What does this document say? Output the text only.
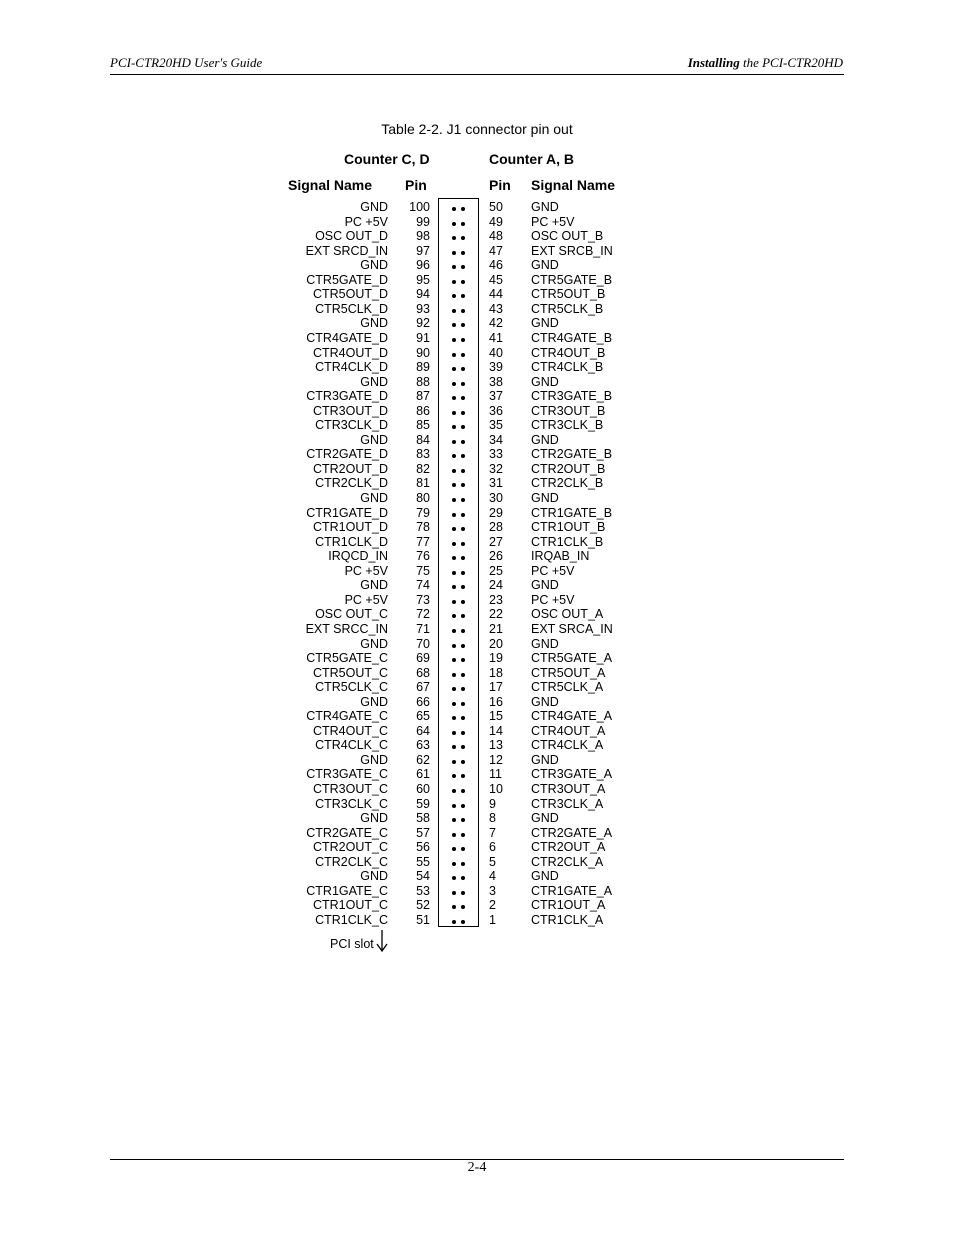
PCI-CTR20HD User's Guide	Installing the PCI-CTR20HD
Table 2-2. J1 connector pin out
Counter C, D	Counter A, B
Signal Name Pin	Pin Signal Name
GND 100	50 GND
PC +5V 99	49 PC +5V
OSC OUT_D 98	48 OSC OUT_B
EXT SRCD_IN 97	47 EXT SRCB_IN
GND 96	46 GND
CTR5GATE_D 95	45 CTR5GATE_B
CTR5OUT_D 94	44 CTR5OUT_B
CTR5CLK_D 93	43 CTR5CLK_B
GND 92	42 GND
CTR4GATE_D 91	41 CTR4GATE_B
CTR4OUT_D 90	40 CTR4OUT_B
CTR4CLK_D 89	39 CTR4CLK_B
GND 88	38 GND
CTR3GATE_D 87	37 CTR3GATE_B
CTR3OUT_D 86	36 CTR3OUT_B
CTR3CLK_D 85	35 CTR3CLK_B
GND 84	34 GND
CTR2GATE_D 83	33 CTR2GATE_B
CTR2OUT_D 82	32 CTR2OUT_B
CTR2CLK_D 81	31 CTR2CLK_B
GND 80	30 GND
CTR1GATE_D 79	29 CTR1GATE_B
CTR1OUT_D 78	28 CTR1OUT_B
CTR1CLK_D 77	27 CTR1CLK_B
IRQCD_IN 76	26 IRQAB_IN
PC +5V 75	25 PC +5V
GND 74	24 GND
PC +5V 73	23 PC +5V
OSC OUT_C 72	22 OSC OUT_A
EXT SRCC_IN 71	21 EXT SRCA_IN
GND 70	20 GND
CTR5GATE_C 69	19 CTR5GATE_A
CTR5OUT_C 68	18 CTR5OUT_A
CTR5CLK_C 67	17 CTR5CLK_A
GND 66	16 GND
CTR4GATE_C 65	15 CTR4GATE_A
CTR4OUT_C 64	14 CTR4OUT_A
CTR4CLK_C 63	13 CTR4CLK_A
GND 62	12 GND
CTR3GATE_C 61	11 CTR3GATE_A
CTR3OUT_C 60	10 CTR3OUT_A
CTR3CLK_C 59	9	CTR3CLK_A
GND 58	8	GND
CTR2GATE_C 57	7	CTR2GATE_A
CTR2OUT_C 56	6	CTR2OUT_A
CTR2CLK_C 55	5	CTR2CLK_A
GND 54	4	GND
CTR1GATE_C 53	3	CTR1GATE_A
CTR1OUT_C 52	2	CTR1OUT_A
CTR1CLK_C 51	1	CTR1CLK_A
PCI slot
2-4
